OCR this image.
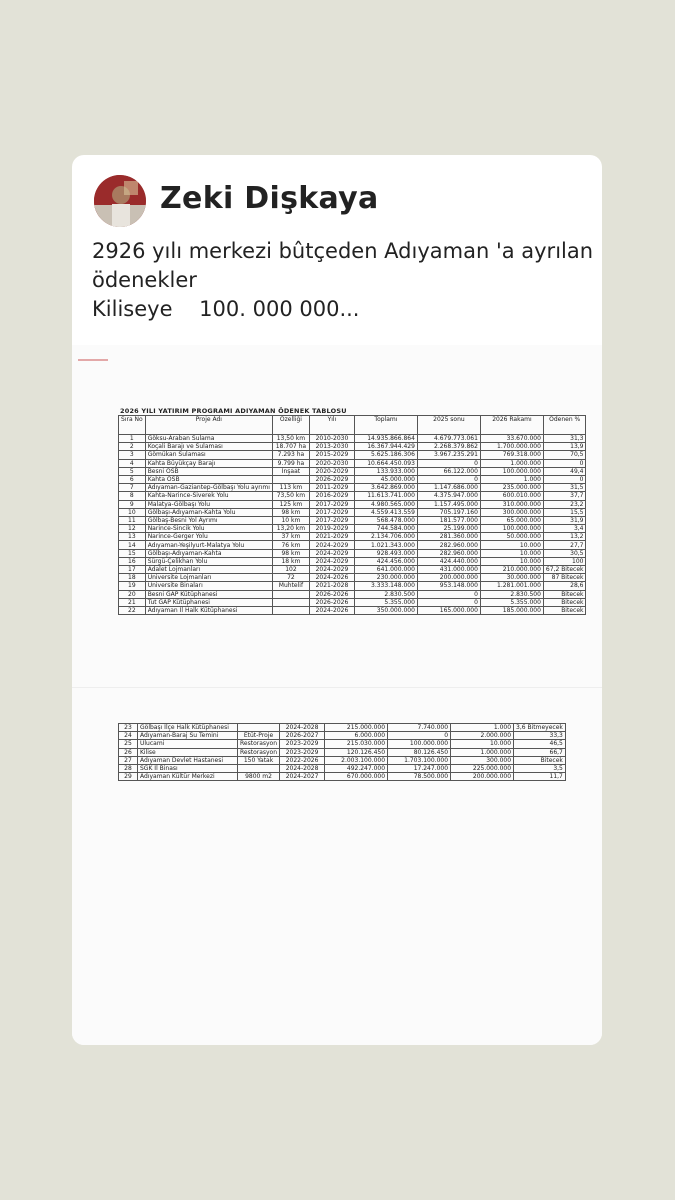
Zeki Dişkaya
2926 yılı merkezi bûtçeden Adıyaman 'a ayrılan
ödenekler
Kiliseye    100. 000 000...
2026 YILI YATIRIM PROGRAMI ADIYAMAN ÖDENEK TABLOSU
Sıra No	Proje Adı	Özelliği	Yılı	Toplamı	2025 sonu	2026 Rakamı	Ödenen %
1	Göksu-Araban Sulama	13,50 km	2010-2030	14.935.866.864	4.679.773.061	33.670.000	31,3
2	Koçali Barajı ve Sulaması	18.707 ha	2013-2030	16.367.944.429	2.268.379.862	1.700.000.000	13,9
3	Gömükan Sulaması	7.293 ha	2015-2029	5.625.186.306	3.967.235.291	769.318.000	70,5
4	Kahta Büyükçay Barajı	9.799 ha	2020-2030	10.664.450.093	0	1.000.000	0
5	Besni OSB	İnşaat	2020-2029	133.933.000	66.122.000	100.000.000	49,4
6	Kahta OSB		2026-2029	45.000.000	0	1.000	0
7	Adıyaman-Gaziantep-Gölbaşı Yolu ayrımı	113 km	2011-2029	3.642.869.000	1.147.686.000	235.000.000	31,5
8	Kahta-Narince-Siverek Yolu	73,50 km	2016-2029	11.613.741.000	4.375.947.000	600.010.000	37,7
9	Malatya-Gölbaşı Yolu	125 km	2017-2029	4.980.565.000	1.157.495.000	310.000.000	23,2
10	Gölbaşı-Adıyaman-Kahta Yolu	98 km	2017-2029	4.559.413.559	705.197.160	300.000.000	15,5
11	Gölbaş-Besni Yol Ayrımı	10 km	2017-2029	568.478.000	181.577.000	65.000.000	31,9
12	Narince-Sincik Yolu	13,20 km	2019-2029	744.584.000	25.199.000	100.000.000	3,4
13	Narince-Gerger Yolu	37 km	2021-2029	2.134.706.000	281.360.000	50.000.000	13,2
14	Adıyaman-Yeşilyurt-Malatya Yolu	76 km	2024-2029	1.021.343.000	282.960.000	10.000	27,7
15	Gölbaşı-Adıyaman-Kahta	98 km	2024-2029	928.493.000	282.960.000	10.000	30,5
16	Sürgü-Çelikhan Yolu	18 km	2024-2029	424.456.000	424.440.000	10.000	100
17	Adalet Lojmanları	102	2024-2029	641.000.000	431.000.000	210.000.000	67,2 Bitecek
18	Üniversite Lojmanları	72	2024-2026	230.000.000	200.000.000	30.000.000	87 Bitecek
19	Üniversite Binaları	Muhtelif	2021-2028	3.333.148.000	953.148.000	1.281.001.000	28,6
20	Besni GAP Kütüphanesi		2026-2026	2.830.500	0	2.830.500	Bitecek
21	Tut GAP Kütüphanesi		2026-2026	5.355.000	0	5.355.000	Bitecek
22	Adıyaman İl Halk Kütüphanesi		2024-2026	350.000.000	165.000.000	185.000.000	Bitecek
23	Gölbaşı İlçe Halk Kütüphanesi		2024-2028	215.000.000	7.740.000	1.000	3,6 Bitmeyecek
24	Adıyaman-Baraj Su Temini	Etüt-Proje	2026-2027	6.000.000	0	2.000.000	33,3
25	Ulucami	Restorasyon	2023-2029	215.030.000	100.000.000	10.000	46,5
26	Kilise	Restorasyon	2023-2029	120.126.450	80.126.450	1.000.000	66,7
27	Adıyaman Devlet Hastanesi	150 Yatak	2022-2026	2.003.100.000	1.703.100.000	300.000	Bitecek
28	SGK İl Binası		2024-2028	492.247.000	17.247.000	225.000.000	3,5
29	Adıyaman Kültür Merkezi	9800 m2	2024-2027	670.000.000	78.500.000	200.000.000	11,7
